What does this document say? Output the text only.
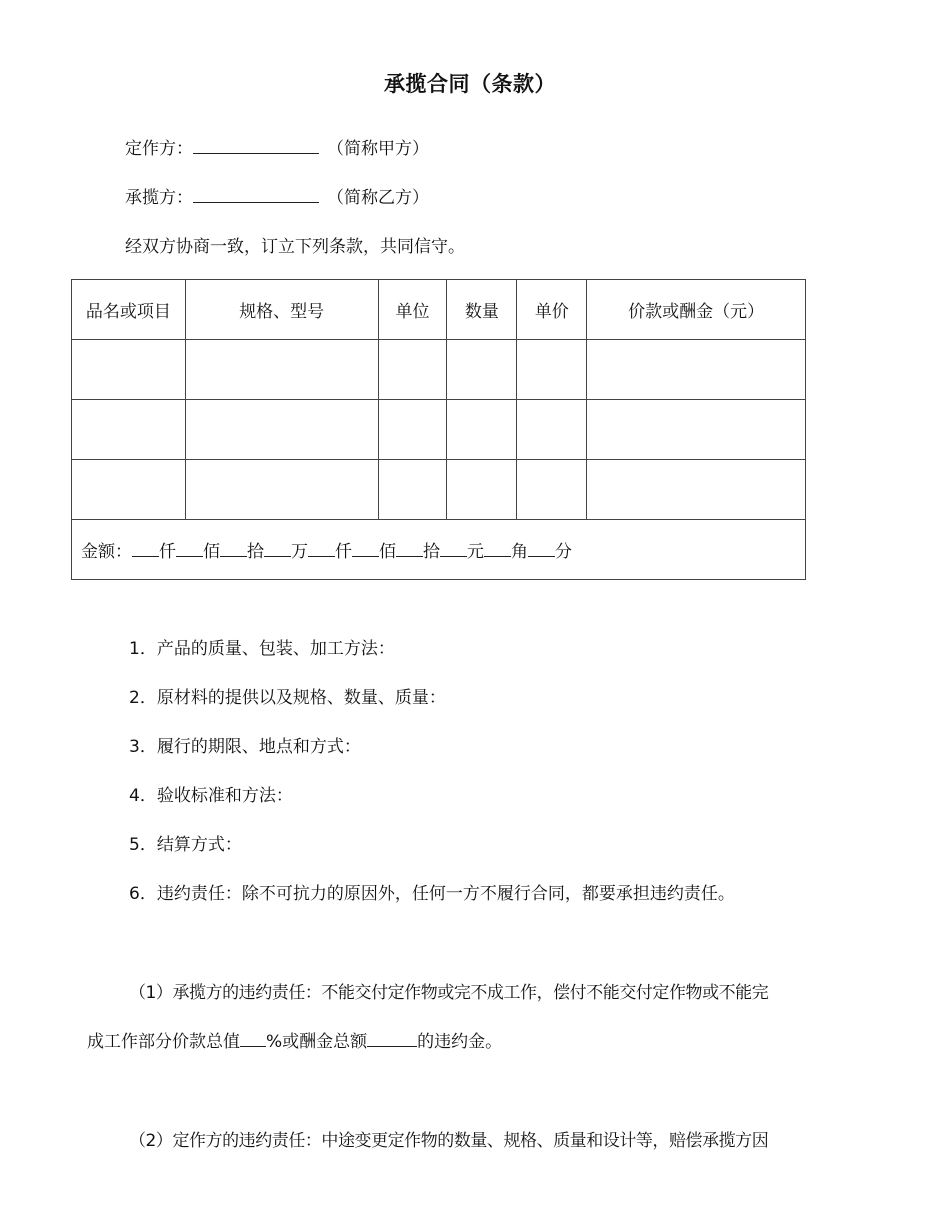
承揽合同（条款）
定作方：	（简称甲方）
承揽方：	（简称乙方）
经双方协商一致，订立下列条款，共同信守。
品名或项目	规格、型号	单位	数量	单价	价款或酬金（元）

金额： 仟 佰 拾 万 仟 佰 拾 元 角 分					
1．产品的质量、包装、加工方法：
2．原材料的提供以及规格、数量、质量：
3．履行的期限、地点和方式：
4．验收标准和方法：
5．结算方式：
6．违约责任：除不可抗力的原因外，任何一方不履行合同，都要承担违约责任。
（1）承揽方的违约责任：不能交付定作物或完不成工作，偿付不能交付定作物或不能完
成工作部分价款总值 %或酬金总额	的违约金。
（2）定作方的违约责任：中途变更定作物的数量、规格、质量和设计等，赔偿承揽方因
